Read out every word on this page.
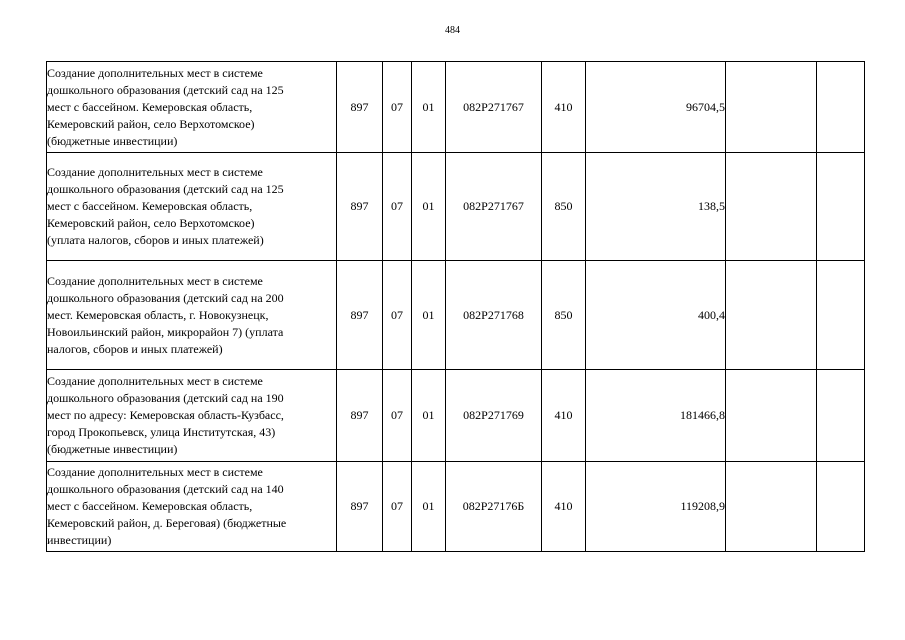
484
Создание дополнительных мест в системе
дошкольного образования (детский сад на 125
мест с бассейном. Кемеровская область,
Кемеровский район, село Верхотомское)
(бюджетные инвестиции)	897	07	01	082P271767	410	96704,5		
Создание дополнительных мест в системе
дошкольного образования (детский сад на 125
мест с бассейном. Кемеровская область,
Кемеровский район, село Верхотомское)
(уплата налогов, сборов и иных платежей)	897	07	01	082P271767	850	138,5		
Создание дополнительных мест в системе
дошкольного образования (детский сад на 200
мест. Кемеровская область, г. Новокузнецк,
Новоильинский район, микрорайон 7) (уплата
налогов, сборов и иных платежей)	897	07	01	082P271768	850	400,4		
Создание дополнительных мест в системе
дошкольного образования (детский сад на 190
мест по адресу: Кемеровская область-Кузбасс,
город Прокопьевск, улица Институтская, 43)
(бюджетные инвестиции)	897	07	01	082P271769	410	181466,8		
Создание дополнительных мест в системе
дошкольного образования (детский сад на 140
мест с бассейном. Кемеровская область,
Кемеровский район, д. Береговая) (бюджетные
инвестиции)	897	07	01	082P27176Б	410	119208,9		
